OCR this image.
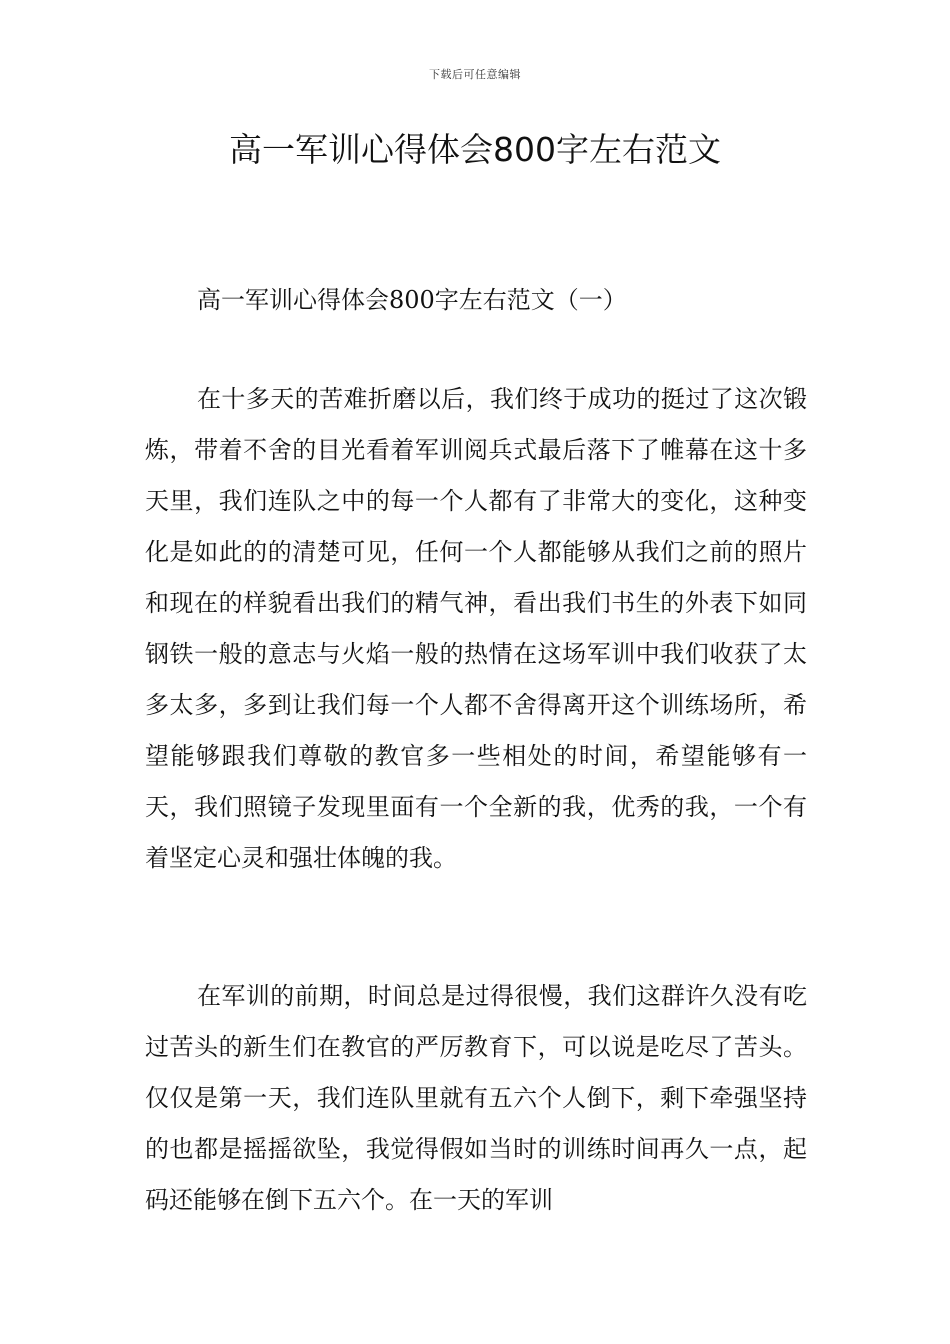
下载后可任意编辑
高一军训心得体会800字左右范文
高一军训心得体会800字左右范文（一）

在十多天的苦难折磨以后，我们终于成功的挺过了这次锻炼，带着不舍的目光看着军训阅兵式最后落下了帷幕在这十多天里，我们连队之中的每一个人都有了非常大的变化，这种变化是如此的的清楚可见，任何一个人都能够从我们之前的照片和现在的样貌看出我们的精气神，看出我们书生的外表下如同钢铁一般的意志与火焰一般的热情在这场军训中我们收获了太多太多，多到让我们每一个人都不舍得离开这个训练场所，希望能够跟我们尊敬的教官多一些相处的时间，希望能够有一天，我们照镜子发现里面有一个全新的我，优秀的我，一个有着坚定心灵和强壮体魄的我。

在军训的前期，时间总是过得很慢，我们这群许久没有吃过苦头的新生们在教官的严厉教育下，可以说是吃尽了苦头。仅仅是第一天，我们连队里就有五六个人倒下，剩下牵强坚持的也都是摇摇欲坠，我觉得假如当时的训练时间再久一点，起码还能够在倒下五六个。在一天的军训
